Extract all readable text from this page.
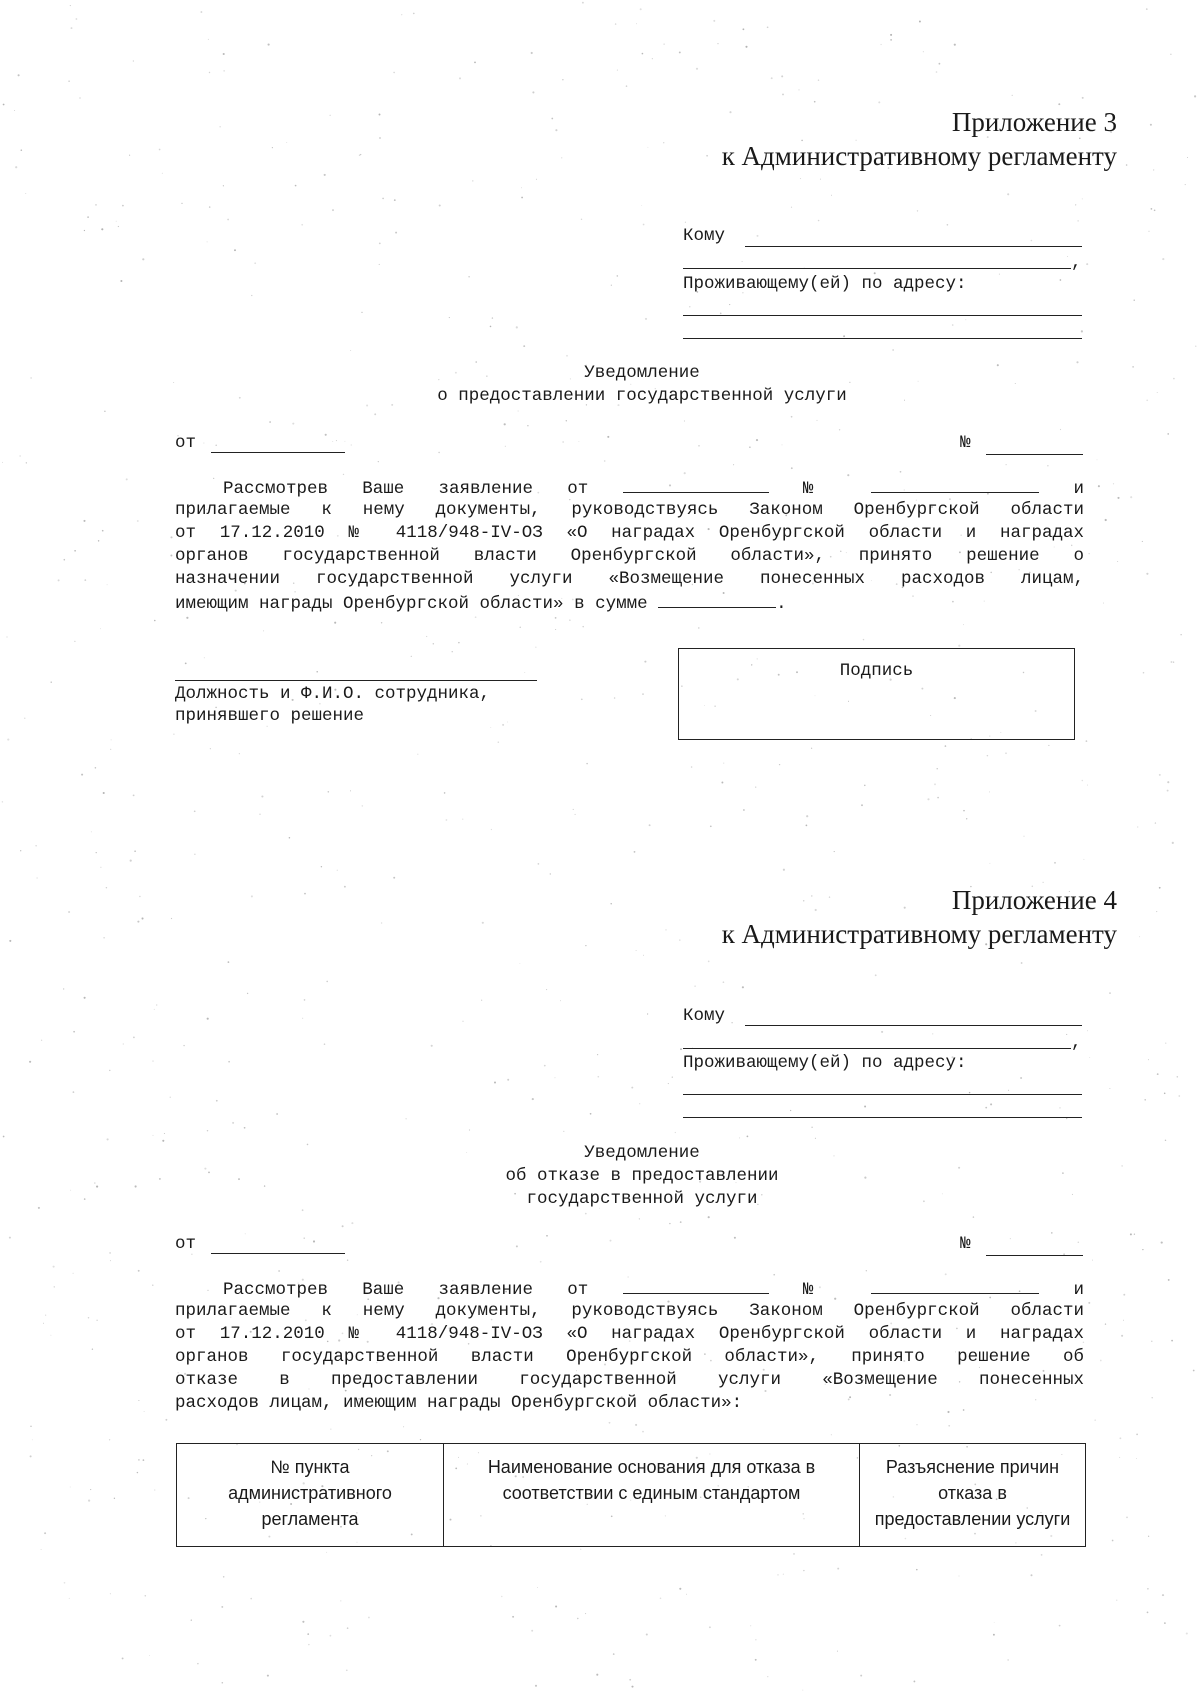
Приложение 3
к Административному регламенту
Кому
,
Проживающему(ей) по адресу:
Уведомление
о предоставлении государственной услуги
от	№
Рассмотрев Ваше заявление от	№	и
прилагаемые к нему документы, руководствуясь Законом Оренбургской области
от 17.12.2010 № 4118/948-IV-ОЗ «О наградах Оренбургской области и наградах
органов государственной власти Оренбургской области», принято решение о
назначении государственной услуги «Возмещение понесенных расходов лицам,
имеющим награды Оренбургской области» в сумме	.
Должность и Ф.И.О. сотрудника,
принявшего решение
Подпись
Приложение 4
к Административному регламенту
Кому
,
Проживающему(ей) по адресу:
Уведомление
об отказе в предоставлении
государственной услуги
от	№
Рассмотрев Ваше заявление от	№	и
прилагаемые к нему документы, руководствуясь Законом Оренбургской области
от 17.12.2010 № 4118/948-IV-ОЗ «О наградах Оренбургской области и наградах
органов государственной власти Оренбургской области», принято решение об
отказе в предоставлении государственной услуги «Возмещение понесенных
расходов лицам, имеющим награды Оренбургской области»:
№ пункта
административного
регламента

Наименование основания для отказа в
соответствии с единым стандартом

Разъяснение причин
отказа в
предоставлении услуги
